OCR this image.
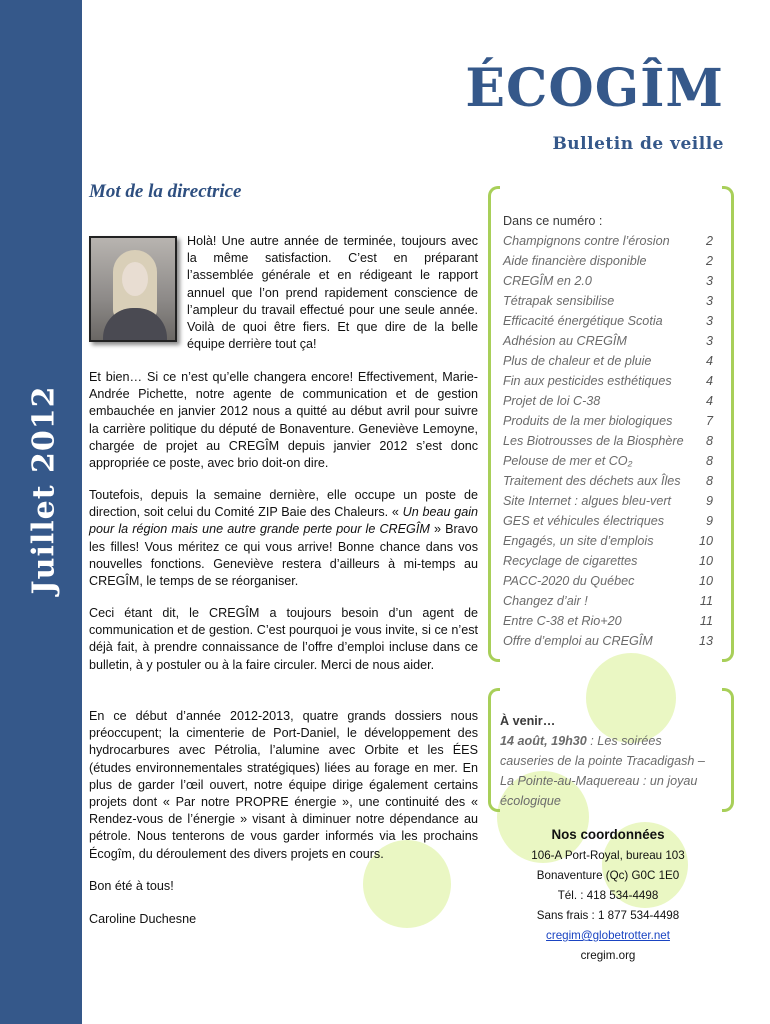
Juillet 2012
ÉCOGÎM
Bulletin de veille
Mot de la directrice

Holà! Une autre année de terminée, toujours avec la même satisfaction. C’est en préparant l’assemblée générale et en rédigeant le rapport annuel que l’on prend rapidement conscience de l’ampleur du travail effectué pour une seule année. Voilà de quoi être fiers. Et que dire de la belle équipe derrière tout ça!

Et bien… Si ce n’est qu’elle changera encore! Effectivement, Marie-Andrée Pichette, notre agente de communication et de gestion embauchée en janvier 2012 nous a quitté au début avril pour suivre la carrière politique du député de Bonaventure. Geneviève Lemoyne, chargée de projet au CREGÎM depuis janvier 2012 s’est donc appropriée ce poste, avec brio doit-on dire.

Toutefois, depuis la semaine dernière, elle occupe un poste de direction, soit celui du Comité ZIP Baie des Chaleurs. « Un beau gain pour la région mais une autre grande perte pour le CREGÎM » Bravo les filles! Vous méritez ce qui vous arrive! Bonne chance dans vos nouvelles fonctions. Geneviève restera d’ailleurs à mi-temps au CREGÎM, le temps de se réorganiser.

Ceci étant dit, le CREGÎM a toujours besoin d’un agent de communication et de gestion. C’est pourquoi je vous invite, si ce n’est déjà fait, à prendre connaissance de l’offre d’emploi incluse dans ce bulletin, à y postuler ou à la faire circuler. Merci de nous aider.

En ce début d’année 2012-2013, quatre grands dossiers nous préoccupent; la cimenterie de Port-Daniel, le développement des hydrocarbures avec Pétrolia, l’alumine avec Orbite et les ÉES (études environnementales stratégiques) liées au forage en mer. En plus de garder l’œil ouvert, notre équipe dirige également certains projets dont « Par notre PROPRE énergie », une continuité des « Rendez-vous de l’énergie » visant à diminuer notre dépendance au pétrole. Nous tenterons de vous garder informés via les prochains Écogîm, du déroulement des divers projets en cours.

Bon été à tous!

Caroline Duchesne

Dans ce numéro :
Champignons contre l’érosion	2
Aide financière disponible	2
CREGÎM en 2.0	3
Tétrapak sensibilise	3
Efficacité énergétique Scotia	3
Adhésion au CREGÎM	3
Plus de chaleur et de pluie	4
Fin aux pesticides esthétiques	4
Projet de loi C-38	4
Produits de la mer biologiques	7
Les Biotrousses de la Biosphère	8
Pelouse de mer et CO₂	8
Traitement des déchets aux Îles	8
Site Internet : algues bleu-vert	9
GES et véhicules électriques	9
Engagés, un site d’emplois	10
Recyclage de cigarettes	10
PACC-2020 du Québec	10
Changez d’air !	11
Entre C-38 et Rio+20	11
Offre d’emploi au CREGÎM	13
À venir…

14 août, 19h30 : Les soirées causeries de la pointe Tracadigash – La Pointe-au-Maquereau : un joyau écologique

Nos coordonnées
106-A Port-Royal, bureau 103
Bonaventure (Qc) G0C 1E0
Tél. : 418 534-4498
Sans frais : 1 877 534-4498
cregim@globetrotter.net
cregim.org
